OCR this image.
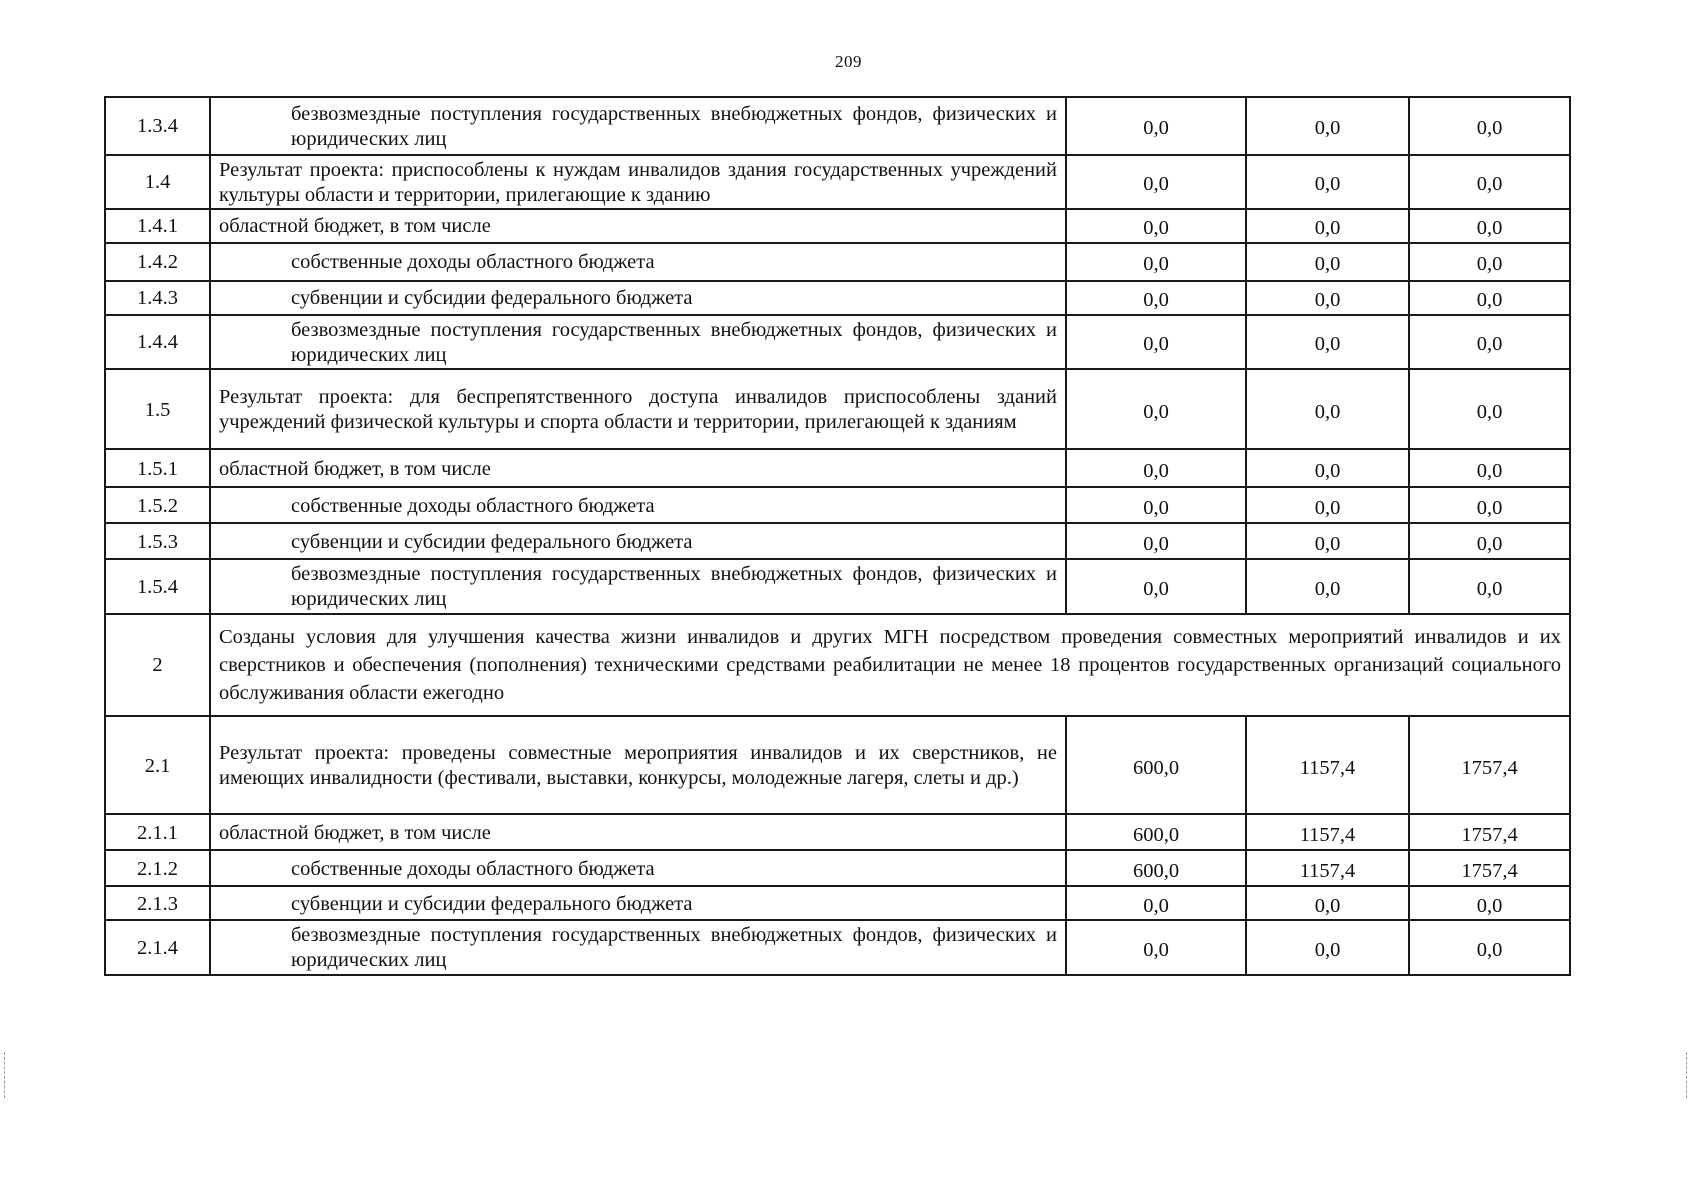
209
1.3.4	безвозмездные поступления государственных внебюджетных фондов, физических и юридических лиц	0,0	0,0	0,0
1.4	Результат проекта: приспособлены к нуждам инвалидов здания государственных учреждений культуры области и территории, прилегающие к зданию	0,0	0,0	0,0
1.4.1	областной бюджет, в том числе	0,0	0,0	0,0
1.4.2	собственные доходы областного бюджета	0,0	0,0	0,0
1.4.3	субвенции и субсидии федерального бюджета	0,0	0,0	0,0
1.4.4	безвозмездные поступления государственных внебюджетных фондов, физических и юридических лиц	0,0	0,0	0,0
1.5	Результат проекта: для беспрепятственного доступа инвалидов приспособлены зданий учреждений физической культуры и спорта области и территории, прилегающей к зданиям	0,0	0,0	0,0
1.5.1	областной бюджет, в том числе	0,0	0,0	0,0
1.5.2	собственные доходы областного бюджета	0,0	0,0	0,0
1.5.3	субвенции и субсидии федерального бюджета	0,0	0,0	0,0
1.5.4	безвозмездные поступления государственных внебюджетных фондов, физических и юридических лиц	0,0	0,0	0,0
2	Созданы условия для улучшения качества жизни инвалидов и других МГН посредством проведения совместных мероприятий инвалидов и их сверстников и обеспечения (пополнения) техническими средствами реабилитации не менее 18 процентов государственных организаций социального обслуживания области ежегодно			
2.1	Результат проекта: проведены совместные мероприятия инвалидов и их сверстников, не имеющих инвалидности (фестивали, выставки, конкурсы, молодежные лагеря, слеты и др.)	600,0	1157,4	1757,4
2.1.1	областной бюджет, в том числе	600,0	1157,4	1757,4
2.1.2	собственные доходы областного бюджета	600,0	1157,4	1757,4
2.1.3	субвенции и субсидии федерального бюджета	0,0	0,0	0,0
2.1.4	безвозмездные поступления государственных внебюджетных фондов, физических и юридических лиц	0,0	0,0	0,0
